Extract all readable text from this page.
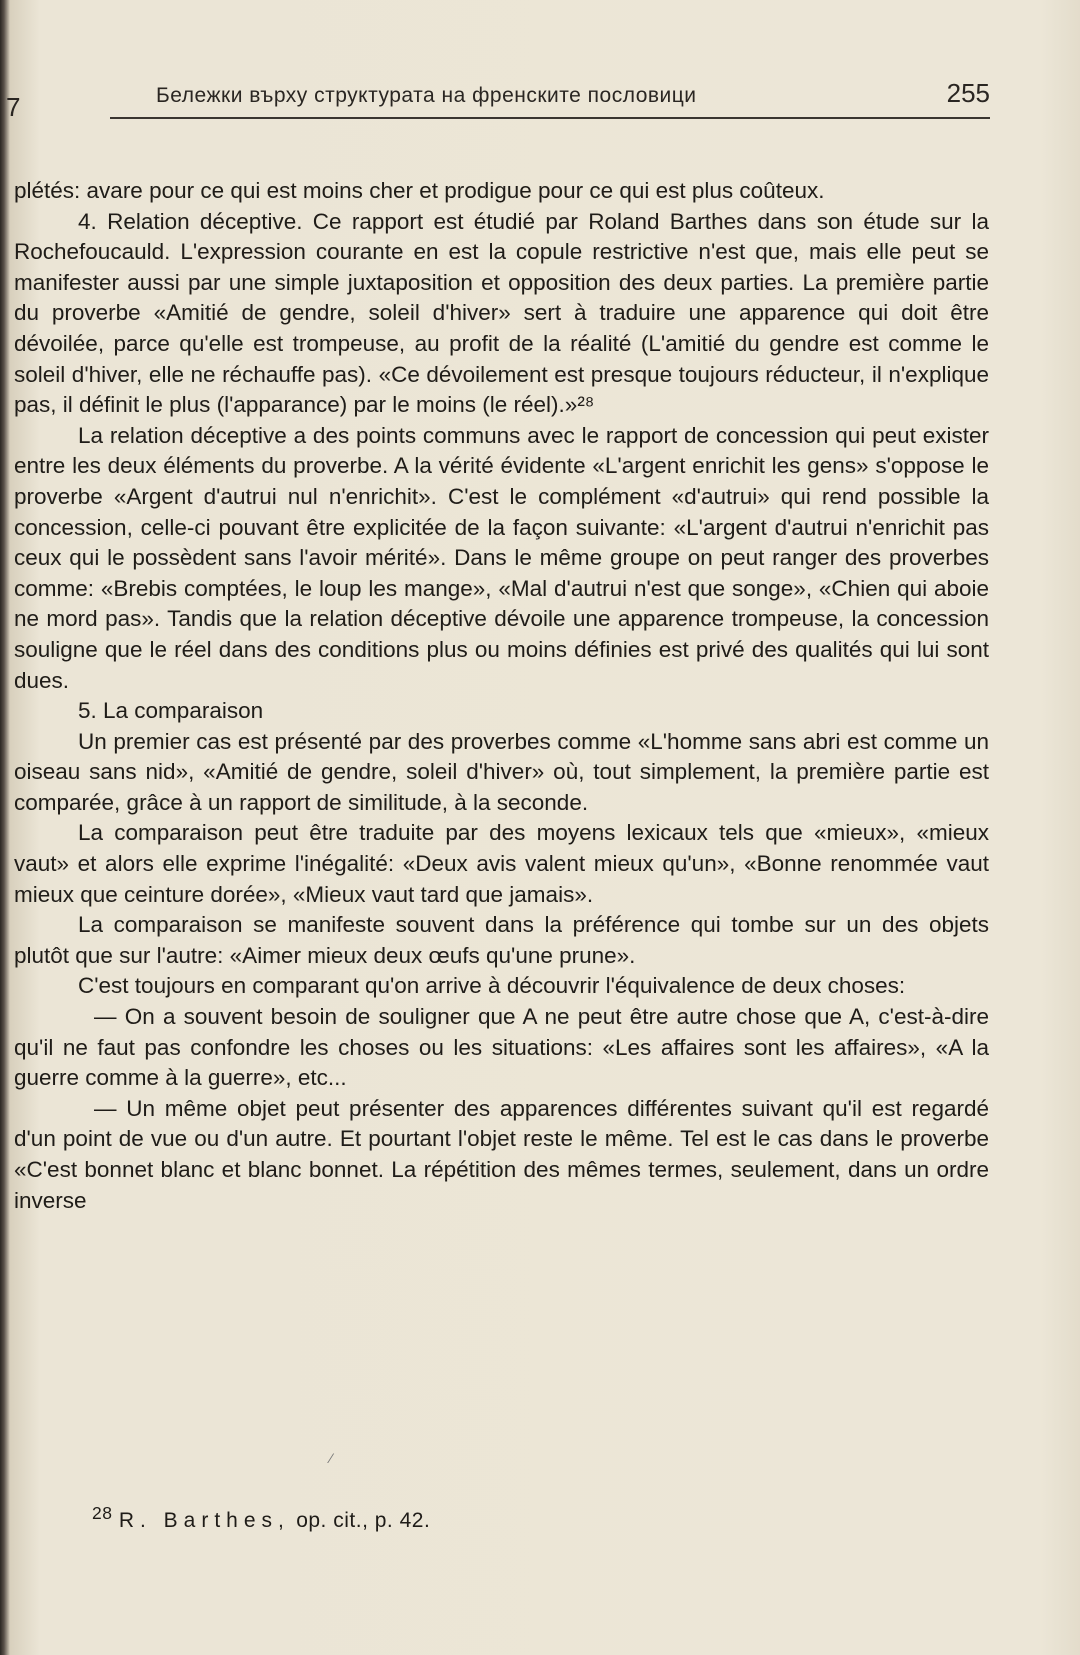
7	Бележки върху структурата на френските пословици	255

plétés: avare pour ce qui est moins cher et prodigue pour ce qui est plus coûteux.

4. Relation déceptive. Ce rapport est étudié par Roland Barthes dans son étude sur la Rochefoucauld. L'expression courante en est la copule restrictive n'est que, mais elle peut se manifester aussi par une simple juxtaposition et opposition des deux parties. La première partie du proverbe «Amitié de gendre, soleil d'hiver» sert à traduire une apparence qui doit être dévoilée, parce qu'elle est trompeuse, au profit de la réalité (L'amitié du gendre est comme le soleil d'hiver, elle ne réchauffe pas). «Ce dévoilement est presque toujours réducteur, il n'explique pas, il définit le plus (l'apparance) par le moins (le réel).»²⁸

La relation déceptive a des points communs avec le rapport de concession qui peut exister entre les deux éléments du proverbe. A la vérité évidente «L'argent enrichit les gens» s'oppose le proverbe «Argent d'autrui nul n'enrichit». C'est le complément «d'autrui» qui rend possible la concession, celle-ci pouvant être explicitée de la façon suivante: «L'argent d'autrui n'enrichit pas ceux qui le possèdent sans l'avoir mérité». Dans le même groupe on peut ranger des proverbes comme: «Brebis comptées, le loup les mange», «Mal d'autrui n'est que songe», «Chien qui aboie ne mord pas». Tandis que la relation déceptive dévoile une apparence trompeuse, la concession souligne que le réel dans des conditions plus ou moins définies est privé des qualités qui lui sont dues.

5. La comparaison

Un premier cas est présenté par des proverbes comme «L'homme sans abri est comme un oiseau sans nid», «Amitié de gendre, soleil d'hiver» où, tout simplement, la première partie est comparée, grâce à un rapport de similitude, à la seconde.

La comparaison peut être traduite par des moyens lexicaux tels que «mieux», «mieux vaut» et alors elle exprime l'inégalité: «Deux avis valent mieux qu'un», «Bonne renommée vaut mieux que ceinture dorée», «Mieux vaut tard que jamais».

La comparaison se manifeste souvent dans la préférence qui tombe sur un des objets plutôt que sur l'autre: «Aimer mieux deux œufs qu'une prune».

C'est toujours en comparant qu'on arrive à découvrir l'équivalence de deux choses:

— On a souvent besoin de souligner que A ne peut être autre chose que A, c'est-à-dire qu'il ne faut pas confondre les choses ou les situations: «Les affaires sont les affaires», «A la guerre comme à la guerre», etc...

— Un même objet peut présenter des apparences différentes suivant qu'il est regardé d'un point de vue ou d'un autre. Et pourtant l'objet reste le même. Tel est le cas dans le proverbe «C'est bonnet blanc et blanc bonnet. La répétition des mêmes termes, seulement, dans un ordre inverse

⁄
$^{28}$ R. Barthes, op. cit., p. 42.
